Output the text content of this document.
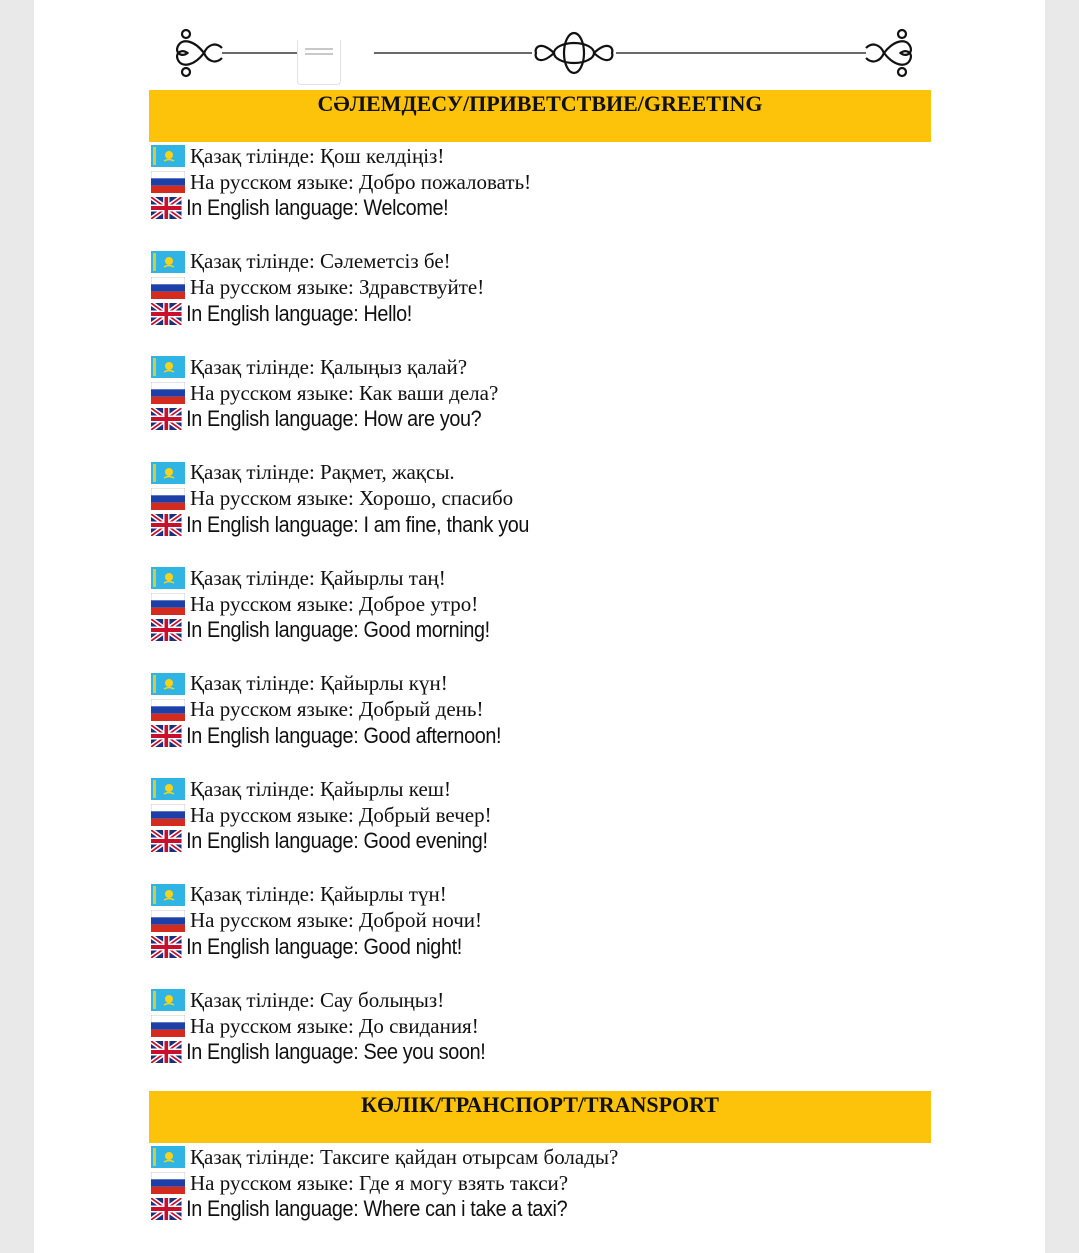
СӘЛЕМДЕСУ/ПРИВЕТСТВИЕ/GREETING
Қазақ тілінде: Қош келдіңіз!
На русском языке: Добро пожаловать!
In English language: Welcome!
Қазақ тілінде: Сәлеметсіз бе!
На русском языке: Здравствуйте!
In English language: Hello!
Қазақ тілінде: Қалыңыз қалай?
На русском языке: Как ваши дела?
In English language: How are you?
Қазақ тілінде: Рақмет, жақсы.
На русском языке: Хорошо, спасибо
In English language: I am fine, thank you
Қазақ тілінде: Қайырлы таң!
На русском языке: Доброе утро!
In English language: Good morning!
Қазақ тілінде: Қайырлы күн!
На русском языке: Добрый день!
In English language: Good afternoon!
Қазақ тілінде: Қайырлы кеш!
На русском языке: Добрый вечер!
In English language: Good evening!
Қазақ тілінде: Қайырлы түн!
На русском языке: Доброй ночи!
In English language: Good night!
Қазақ тілінде: Сау болыңыз!
На русском языке: До свидания!
In English language: See you soon!
КӨЛІК/ТРАНСПОРТ/TRANSPORT
Қазақ тілінде: Таксиге қайдан отырсам болады?
На русском языке: Где я могу взять такси?
In English language: Where can i take a taxi?
